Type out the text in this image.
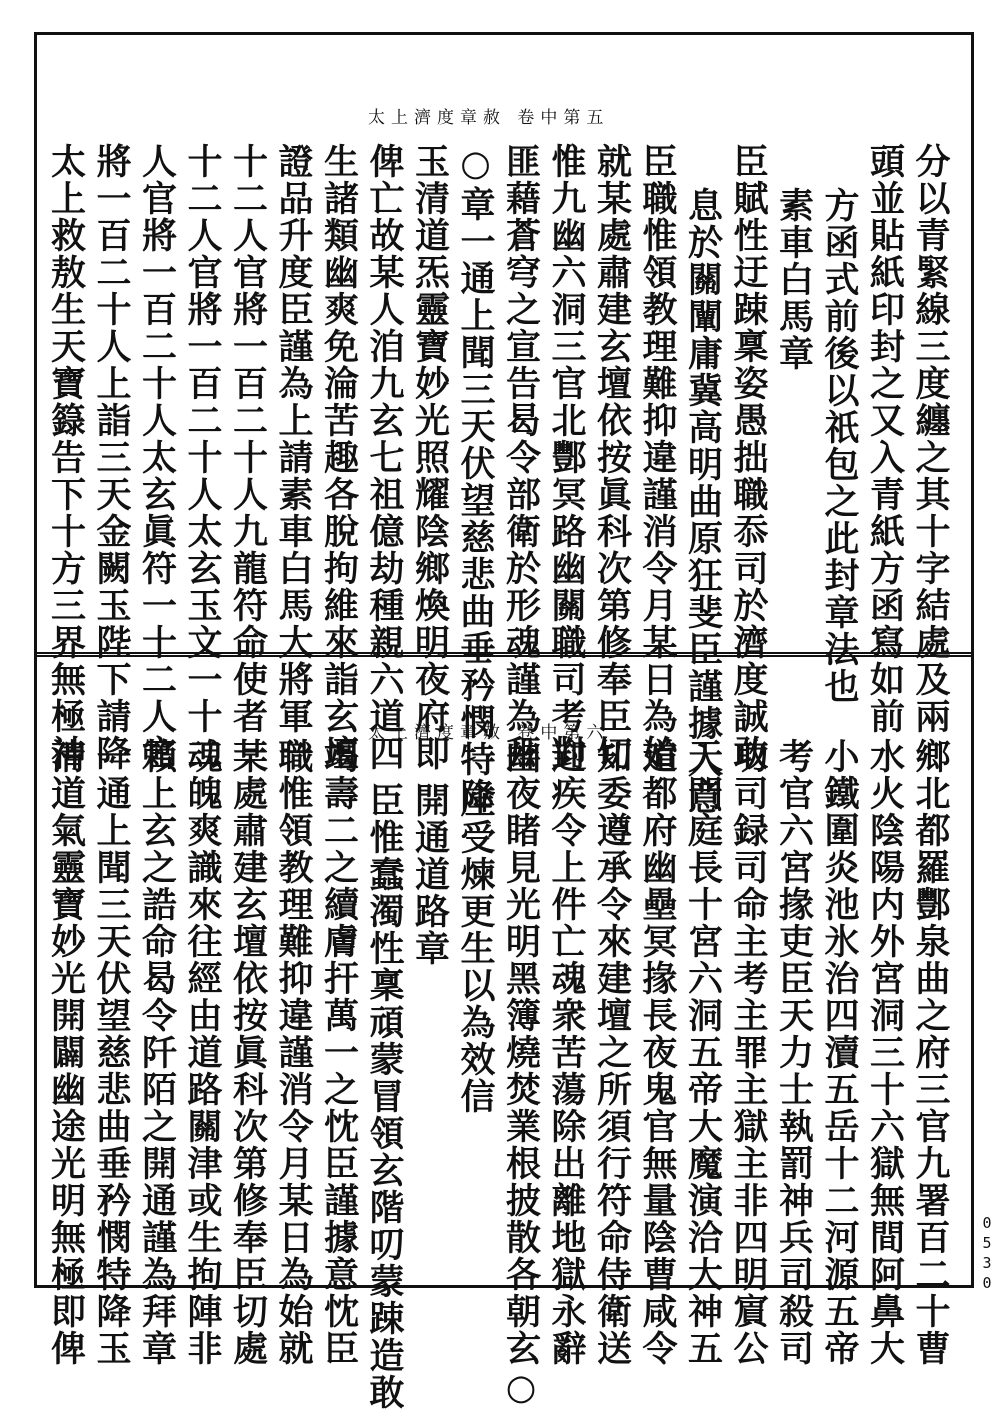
太上濟度章赦 卷中第五
太上濟度章赦 卷中第六	分以青緊線三度纏之其十字結處及兩
頭並貼紙印封之又入青紙方函寫如前
方函式前後以祇包之此封章法也
素車白馬章
臣賦性迂踈稟姿愚拙職忝司於濟度誠敢
息於關闡庸冀高明曲原狂斐臣謹據入意
臣職惟領教理難抑違謹消令月某日為始
就某處肅建玄壇依按眞科次第修奉臣切
惟九幽六洞三官北酆冥路幽關職司考對
匪藉蒼穹之宣告曷令部衛於形魂謹為拜
○章一通上聞三天伏望慈悲曲垂矜憫特降
玉清道炁靈寶妙光照耀陰鄉煥明夜府即
俾亡故某人洎九玄七祖億劫種親六道四
生諸類幽爽免淪苦趣各脫拘維來詣玄壇
證品升度臣謹為上請素車白馬大將軍一
十二人官將一百二十人九龍符命使者一
十二人官將一百二十人太玄玉文一十二
人官將一百二十人太玄眞符一十二人官
將一百二十人上詣三天金闕玉陛下請降
太上救敖生天寶籙告下十方三界無極神
鄉北都羅酆泉曲之府三官九署百二十曹
水火陰陽内外宮洞三十六獄無間阿鼻大
小鐵圍炎池氷治四瀆五岳十二河源五帝
考官六宮掾吏臣天力士執罰神兵司殺司
功司録司命主考主罪主獄主非四明賔公
天門庭長十宮六洞五帝大魔演洽大神五
道都府幽壘冥掾長夜鬼官無量陰曹咸令
知委遵承令來建壇之所須行符命侍衛送
迎疾令上件亡魂衆苦蕩除出離地獄永辭
幽夜睹見光明黑簿燒焚業根披散各朝玄○
座受煉更生以為效信
開通道路章
臣惟蠢濁性稟頑蒙冒領玄階叨蒙踈造敢
竭壽二之續膚扞萬一之忱臣謹據意忱臣
職惟領教理難抑違謹消令月某日為始就
某處肅建玄壇依按眞科次第修奉臣切處
魂魄爽識來往經由道路關津或生拘陣非
賴上玄之誥命曷令阡陌之開通謹為拜章
一通上聞三天伏望慈悲曲垂矜憫特降玉
清道氣靈寶妙光開闢幽途光明無極即俾	0530
